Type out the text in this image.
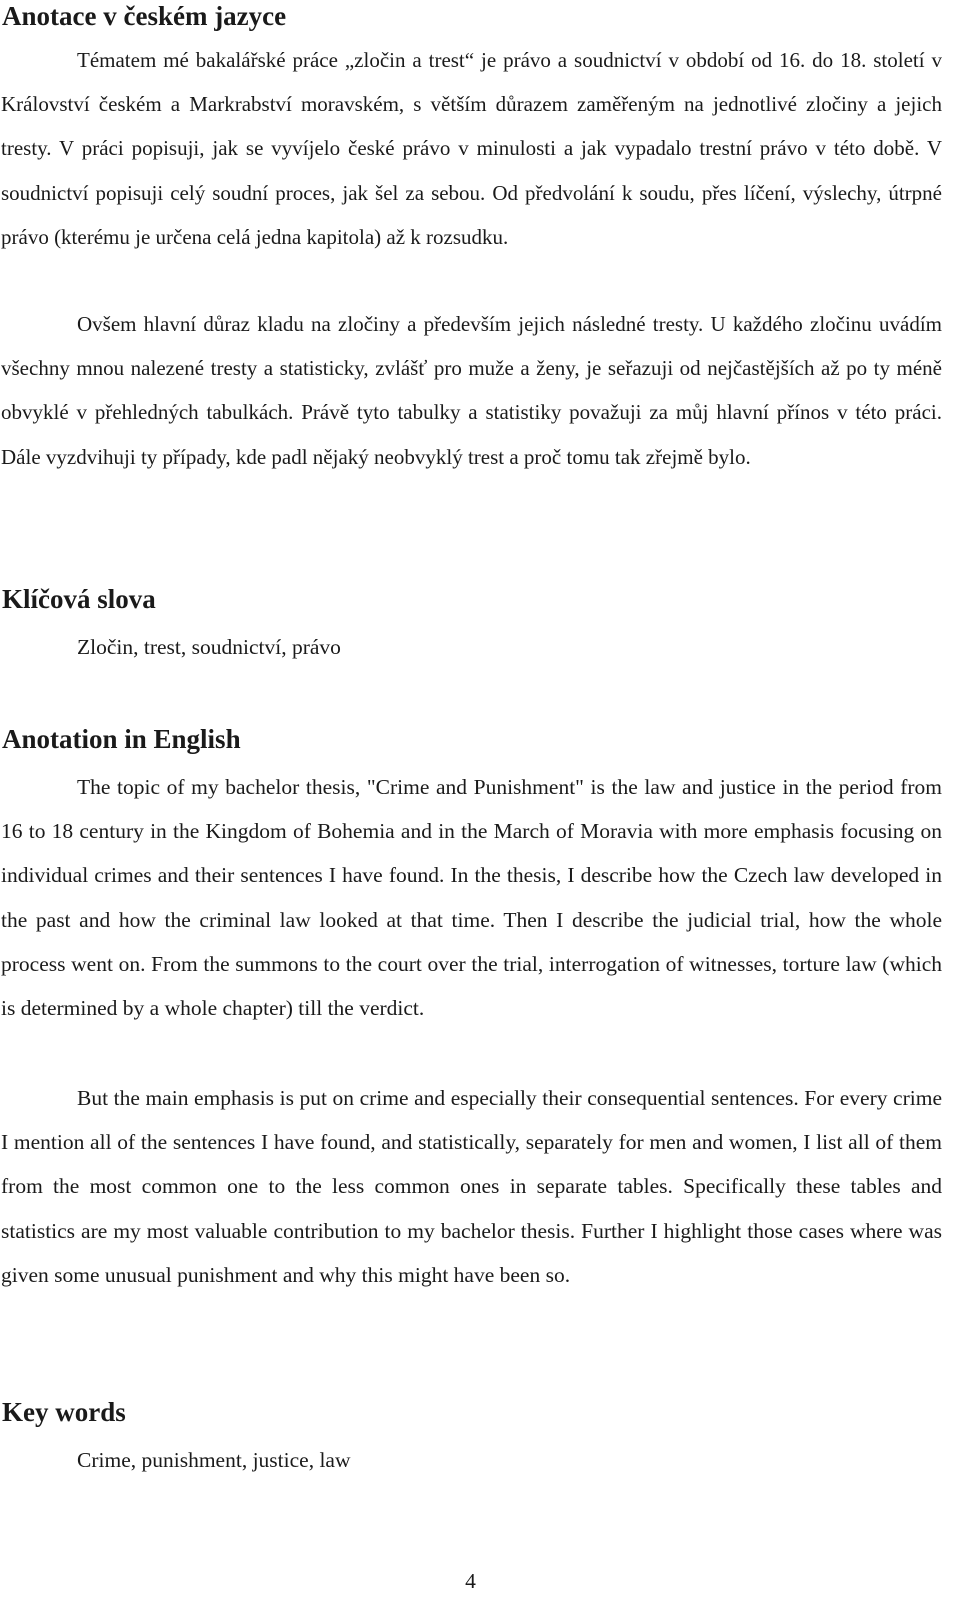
Anotace v českém jazyce

Tématem mé bakalářské práce „zločin a trest“ je právo a soudnictví v období od 16. do 18. století v Království českém a Markrabství moravském, s větším důrazem zaměřeným na jednotlivé zločiny a jejich tresty. V práci popisuji, jak se vyvíjelo české právo v minulosti a jak vypadalo trestní právo v této době. V soudnictví popisuji celý soudní proces, jak šel za sebou. Od předvolání k soudu, přes líčení, výslechy, útrpné právo (kterému je určena celá jedna kapitola) až k rozsudku.

Ovšem hlavní důraz kladu na zločiny a především jejich následné tresty. U každého zločinu uvádím všechny mnou nalezené tresty a statisticky, zvlášť pro muže a ženy, je seřazuji od nejčastějších až po ty méně obvyklé v přehledných tabulkách. Právě tyto tabulky a statistiky považuji za můj hlavní přínos v této práci. Dále vyzdvihuji ty případy, kde padl nějaký neobvyklý trest a proč tomu tak zřejmě bylo.

Klíčová slova

Zločin, trest, soudnictví, právo

Anotation in English

The topic of my bachelor thesis, "Crime and Punishment" is the law and justice in the period from 16 to 18 century in the Kingdom of Bohemia and in the March of Moravia with more emphasis focusing on individual crimes and their sentences I have found. In the thesis, I describe how the Czech law developed in the past and how the criminal law looked at that time. Then I describe the judicial trial, how the whole process went on. From the summons to the court over the trial, interrogation of witnesses, torture law (which is determined by a whole chapter) till the verdict.

But the main emphasis is put on crime and especially their consequential sentences. For every crime I mention all of the sentences I have found, and statistically, separately for men and women, I list all of them from the most common one to the less common ones in separate tables. Specifically these tables and statistics are my most valuable contribution to my bachelor thesis. Further I highlight those cases where was given some unusual punishment and why this might have been so.

Key words

Crime, punishment, justice, law

4
